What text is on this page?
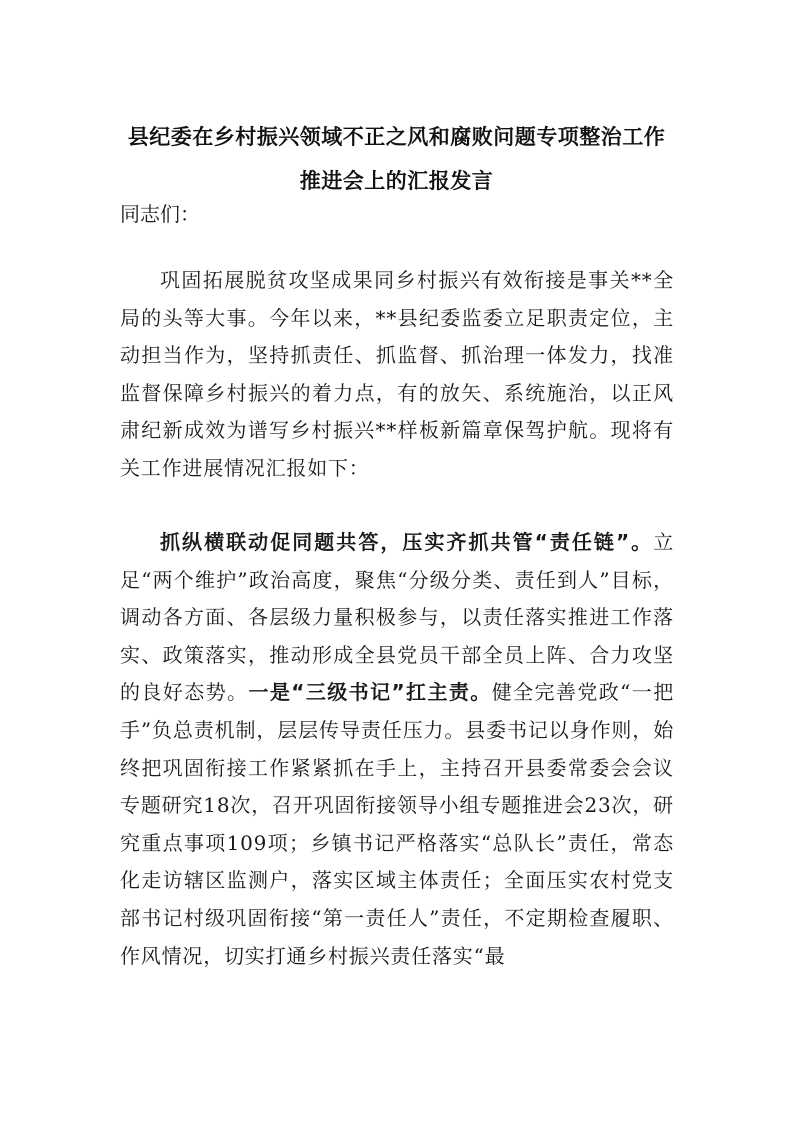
县纪委在乡村振兴领域不正之风和腐败问题专项整治工作
推进会上的汇报发言

同志们：

巩固拓展脱贫攻坚成果同乡村振兴有效衔接是事关**全局的头等大事。今年以来，**县纪委监委立足职责定位，主动担当作为，坚持抓责任、抓监督、抓治理一体发力，找准监督保障乡村振兴的着力点，有的放矢、系统施治，以正风肃纪新成效为谱写乡村振兴**样板新篇章保驾护航。现将有关工作进展情况汇报如下：

抓纵横联动促同题共答，压实齐抓共管“责任链”。立足“两个维护”政治高度，聚焦“分级分类、责任到人”目标，调动各方面、各层级力量积极参与，以责任落实推进工作落实、政策落实，推动形成全县党员干部全员上阵、合力攻坚的良好态势。一是“三级书记”扛主责。健全完善党政“一把手”负总责机制，层层传导责任压力。县委书记以身作则，始终把巩固衔接工作紧紧抓在手上，主持召开县委常委会会议专题研究18次，召开巩固衔接领导小组专题推进会23次，研究重点事项109项；乡镇书记严格落实“总队长”责任，常态化走访辖区监测户，落实区域主体责任；全面压实农村党支部书记村级巩固衔接“第一责任人”责任，不定期检查履职、作风情况，切实打通乡村振兴责任落实“最
